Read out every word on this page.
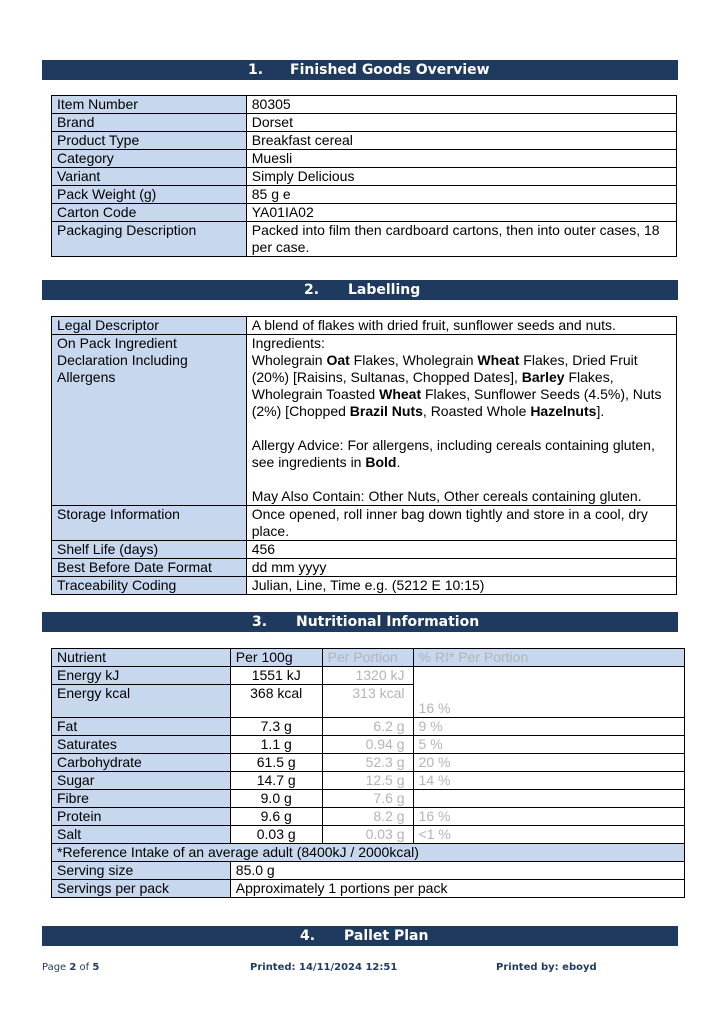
1. Finished Goods Overview
Item Number	80305
Brand	Dorset
Product Type	Breakfast cereal
Category	Muesli
Variant	Simply Delicious
Pack Weight (g)	85 g e
Carton Code	YA01IA02
Packaging Description	Packed into film then cardboard cartons, then into outer cases, 18 per case.
2. Labelling
Legal Descriptor	A blend of flakes with dried fruit, sunflower seeds and nuts.
On Pack Ingredient Declaration Including Allergens	Ingredients:

Wholegrain Oat Flakes, Wholegrain Wheat Flakes, Dried Fruit (20%) [Raisins, Sultanas, Chopped Dates], Barley Flakes, Wholegrain Toasted Wheat Flakes, Sunflower Seeds (4.5%), Nuts (2%) [Chopped Brazil Nuts, Roasted Whole Hazelnuts].

Allergy Advice: For allergens, including cereals containing gluten, see ingredients in Bold.

May Also Contain: Other Nuts, Other cereals containing gluten.

Storage Information	Once opened, roll inner bag down tightly and store in a cool, dry place.
Shelf Life (days)	456
Best Before Date Format	dd mm yyyy
Traceability Coding	Julian, Line, Time e.g. (5212 E 10:15)
3. Nutritional Information
Nutrient	Per 100g	Per Portion	% RI* Per Portion
Energy kJ	1551 kJ	1320 kJ	16 %
Energy kcal	368 kcal	313 kcal	
Fat	7.3 g	6.2 g	9 %
Saturates	1.1 g	0.94 g	5 %
Carbohydrate	61.5 g	52.3 g	20 %
Sugar	14.7 g	12.5 g	14 %
Fibre	9.0 g	7.6 g	
Protein	9.6 g	8.2 g	16 %
Salt	0.03 g	0.03 g	<1 %
*Reference Intake of an average adult (8400kJ / 2000kcal)			
Serving size	85.0 g		
Servings per pack	Approximately 1 portions per pack		
4. Pallet Plan
Page 2 of 5	Printed: 14/11/2024 12:51	Printed by: eboyd
